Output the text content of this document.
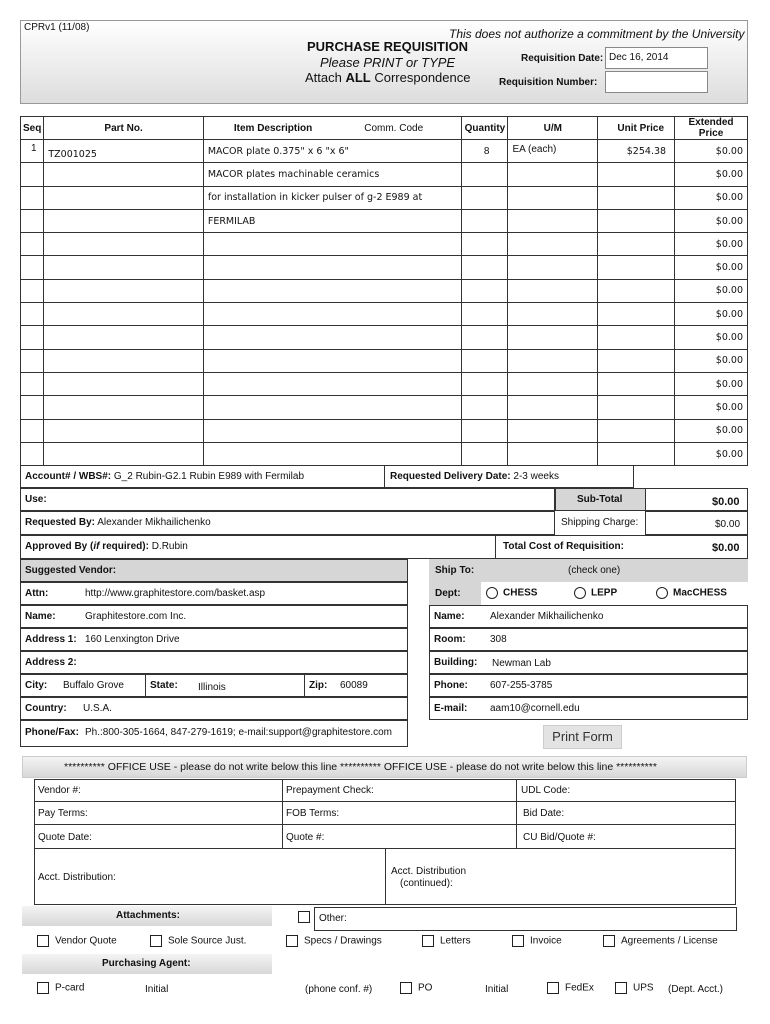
CPRv1 (11/08)	This does not authorize a commitment by the University
PURCHASE REQUISITION
Please PRINT or TYPE
Attach ALL Correspondence
Requisition Date: Dec 16, 2014
Requisition Number:
Seq	Part No.	Item Description Comm. Code	Quantity	U/M	Unit Price	Extended Price
1	TZ001025	MACOR plate 0.375" x 6 "x 6"	8	EA (each)	$254.38	$0.00
		MACOR plates machinable ceramics				$0.00
		for installation in kicker pulser of g-2 E989 at				$0.00
		FERMILAB				$0.00
						$0.00
						$0.00
						$0.00
						$0.00
						$0.00
						$0.00
						$0.00
						$0.00
						$0.00
						$0.00
Account# / WBS#: G_2 Rubin-G2.1 Rubin E989 with Fermilab	Requested Delivery Date: 2-3 weeks
Use:	Sub-Total	$0.00
Requested By: Alexander Mikhailichenko	Shipping Charge:	$0.00
Approved By (if required): D.Rubin	Total Cost of Requisition:	$0.00
Suggested Vendor:
Attn:	http://www.graphitestore.com/basket.asp
Name:	Graphitestore.com Inc.
Address 1: 160 Lenxington Drive
Address 2:
City: Buffalo Grove	State: Illinois	Zip: 60089
Country: U.S.A.
Phone/Fax: Ph.:800-305-1664, 847-279-1619; e-mail:support@graphitestore.com
Ship To:	(check one)
Dept:	CHESS	LEPP	MacCHESS
Name:	Alexander Mikhailichenko
Room: 308
Building: Newman Lab
Phone: 607-255-3785
E-mail: aam10@cornell.edu
Print Form
********** OFFICE USE - please do not write below this line ********** OFFICE USE - please do not write below this line **********
Vendor #:	Prepayment Check:	UDL Code:
Pay Terms:	FOB Terms:	Bid Date:
Quote Date:	Quote #:	CU Bid/Quote #:
Acct. Distribution:
Acct. Distribution
(continued):
Attachments:	Other:
Vendor Quote	Sole Source Just.	Specs / Drawings	Letters	Invoice	Agreements / License
Purchasing Agent:
P-card	Initial	(phone conf. #)	PO	Initial	FedEx	UPS (Dept. Acct.)
